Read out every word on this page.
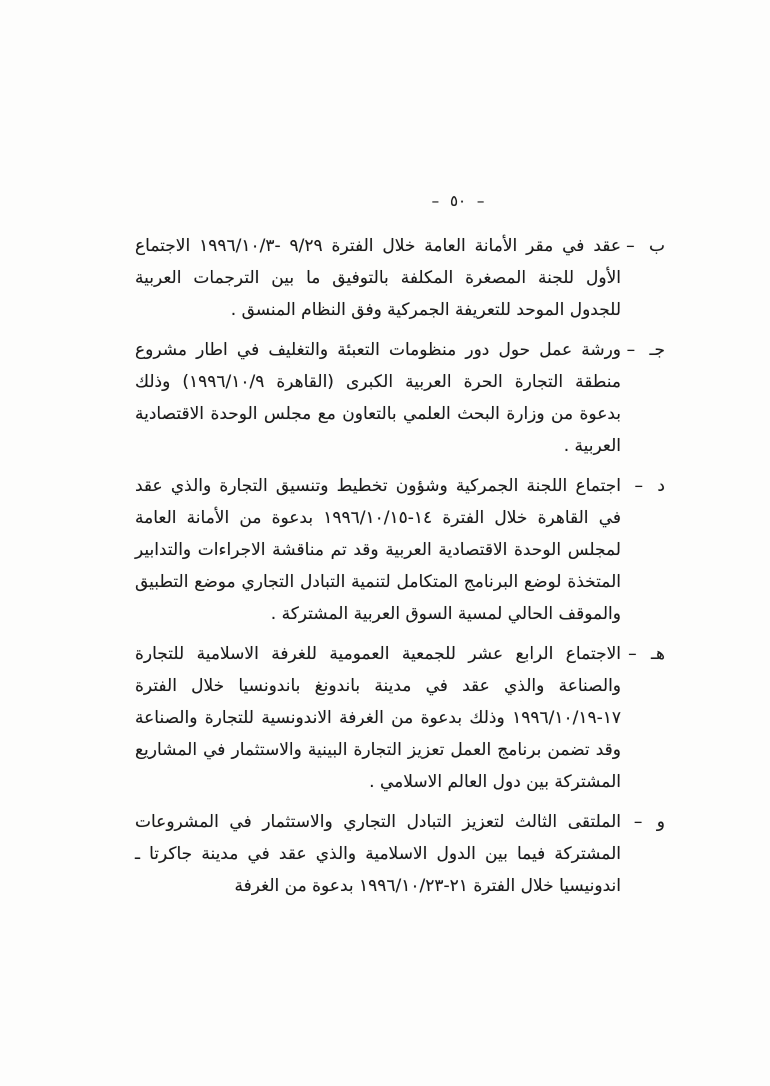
– ٥٠ –
ب –
عقد في مقر الأمانة العامة خلال الفترة ٩/٢٩ -١٩٩٦/١٠/٣ الاجتماع الأول للجنة المصغرة المكلفة بالتوفيق ما بين الترجمات العربية للجدول الموحد للتعريفة الجمركية وفق النظام المنسق .
جـ –
ورشة عمل حول دور منظومات التعبئة والتغليف في اطار مشروع منطقة التجارة الحرة العربية الكبرى (القاهرة ١٩٩٦/١٠/٩) وذلك بدعوة من وزارة البحث العلمي بالتعاون مع مجلس الوحدة الاقتصادية العربية .
د –
اجتماع اللجنة الجمركية وشؤون تخطيط وتنسيق التجارة والذي عقد في القاهرة خلال الفترة ١٤-١٩٩٦/١٠/١٥ بدعوة من الأمانة العامة لمجلس الوحدة الاقتصادية العربية وقد تم مناقشة الاجراءات والتدابير المتخذة لوضع البرنامج المتكامل لتنمية التبادل التجاري موضع التطبيق والموقف الحالي لمسية السوق العربية المشتركة .
هـ –
الاجتماع الرابع عشر للجمعية العمومية للغرفة الاسلامية للتجارة والصناعة والذي عقد في مدينة باندونغ باندونسيا خلال الفترة ١٧-١٩٩٦/١٠/١٩ وذلك بدعوة من الغرفة الاندونسية للتجارة والصناعة وقد تضمن برنامج العمل تعزيز التجارة البينية والاستثمار في المشاريع المشتركة بين دول العالم الاسلامي .
و –
الملتقى الثالث لتعزيز التبادل التجاري والاستثمار في المشروعات المشتركة فيما بين الدول الاسلامية والذي عقد في مدينة جاكرتا ـ اندونيسيا خلال الفترة ٢١-١٩٩٦/١٠/٢٣ بدعوة من الغرفة
